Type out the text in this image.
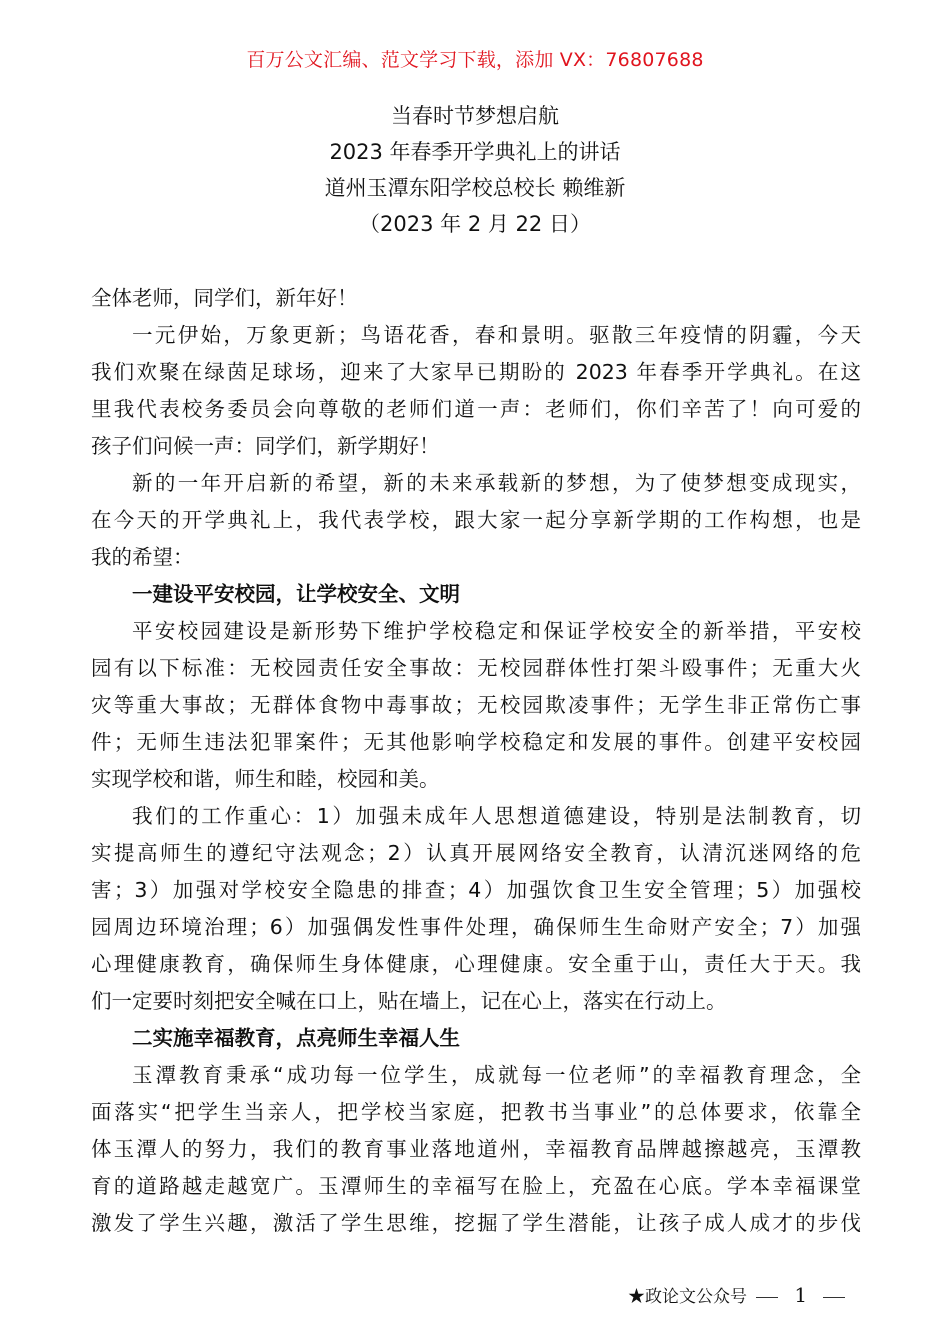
百万公文汇编、范文学习下载，添加 VX：76807688
当春时节梦想启航
2023 年春季开学典礼上的讲话
道州玉潭东阳学校总校长 赖维新
（2023 年 2 月 22 日）
全体老师，同学们，新年好！
一元伊始，万象更新；鸟语花香，春和景明。驱散三年疫情的阴霾，今天
我们欢聚在绿茵足球场，迎来了大家早已期盼的 2023 年春季开学典礼。在这
里我代表校务委员会向尊敬的老师们道一声：老师们，你们辛苦了！向可爱的
孩子们问候一声：同学们，新学期好！
新的一年开启新的希望，新的未来承载新的梦想，为了使梦想变成现实，
在今天的开学典礼上，我代表学校，跟大家一起分享新学期的工作构想，也是
我的希望：
一建设平安校园，让学校安全、文明
平安校园建设是新形势下维护学校稳定和保证学校安全的新举措，平安校
园有以下标准：无校园责任安全事故：无校园群体性打架斗殴事件；无重大火
灾等重大事故；无群体食物中毒事故；无校园欺凌事件；无学生非正常伤亡事
件；无师生违法犯罪案件；无其他影响学校稳定和发展的事件。创建平安校园
实现学校和谐，师生和睦，校园和美。
我们的工作重心：1）加强未成年人思想道德建设，特别是法制教育，切
实提高师生的遵纪守法观念；2）认真开展网络安全教育，认清沉迷网络的危
害；3）加强对学校安全隐患的排查；4）加强饮食卫生安全管理；5）加强校
园周边环境治理；6）加强偶发性事件处理，确保师生生命财产安全；7）加强
心理健康教育，确保师生身体健康，心理健康。安全重于山，责任大于天。我
们一定要时刻把安全喊在口上，贴在墙上，记在心上，落实在行动上。
二实施幸福教育，点亮师生幸福人生
玉潭教育秉承“成功每一位学生，成就每一位老师”的幸福教育理念，全
面落实“把学生当亲人，把学校当家庭，把教书当事业”的总体要求，依靠全
体玉潭人的努力，我们的教育事业落地道州，幸福教育品牌越擦越亮，玉潭教
育的道路越走越宽广。玉潭师生的幸福写在脸上，充盈在心底。学本幸福课堂
激发了学生兴趣，激活了学生思维，挖掘了学生潜能，让孩子成人成才的步伐
★政论文公众号 1
